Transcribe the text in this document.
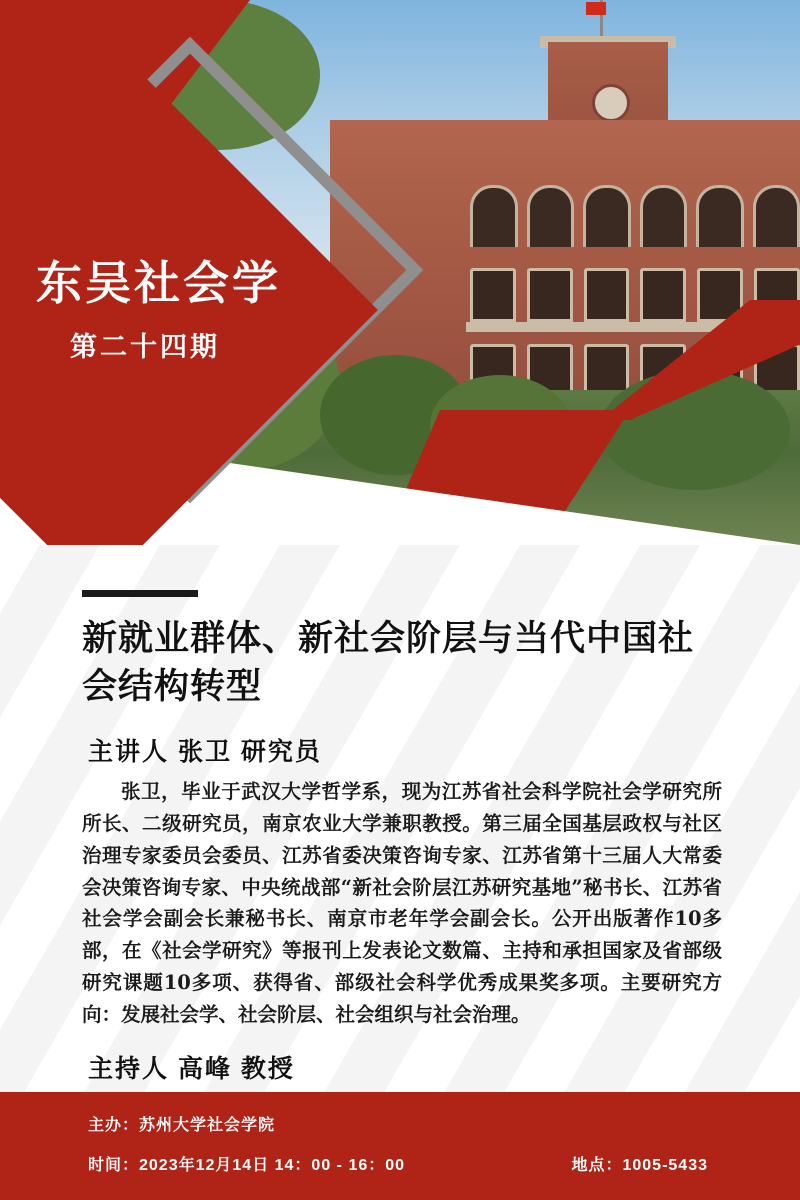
东吴社会学
第二十四期
新就业群体、新社会阶层与当代中国社会结构转型
主讲人 张卫 研究员

张卫，毕业于武汉大学哲学系，现为江苏省社会科学院社会学研究所所长、二级研究员，南京农业大学兼职教授。第三届全国基层政权与社区治理专家委员会委员、江苏省委决策咨询专家、江苏省第十三届人大常委会决策咨询专家、中央统战部“新社会阶层江苏研究基地”秘书长、江苏省社会学会副会长兼秘书长、南京市老年学会副会长。公开出版著作10多部，在《社会学研究》等报刊上发表论文数篇、主持和承担国家及省部级研究课题10多项、获得省、部级社会科学优秀成果奖多项。主要研究方向：发展社会学、社会阶层、社会组织与社会治理。

主持人 高峰 教授
主办：苏州大学社会学院
时间：2023年12月14日 14：00 - 16：00	地点：1005-5433
